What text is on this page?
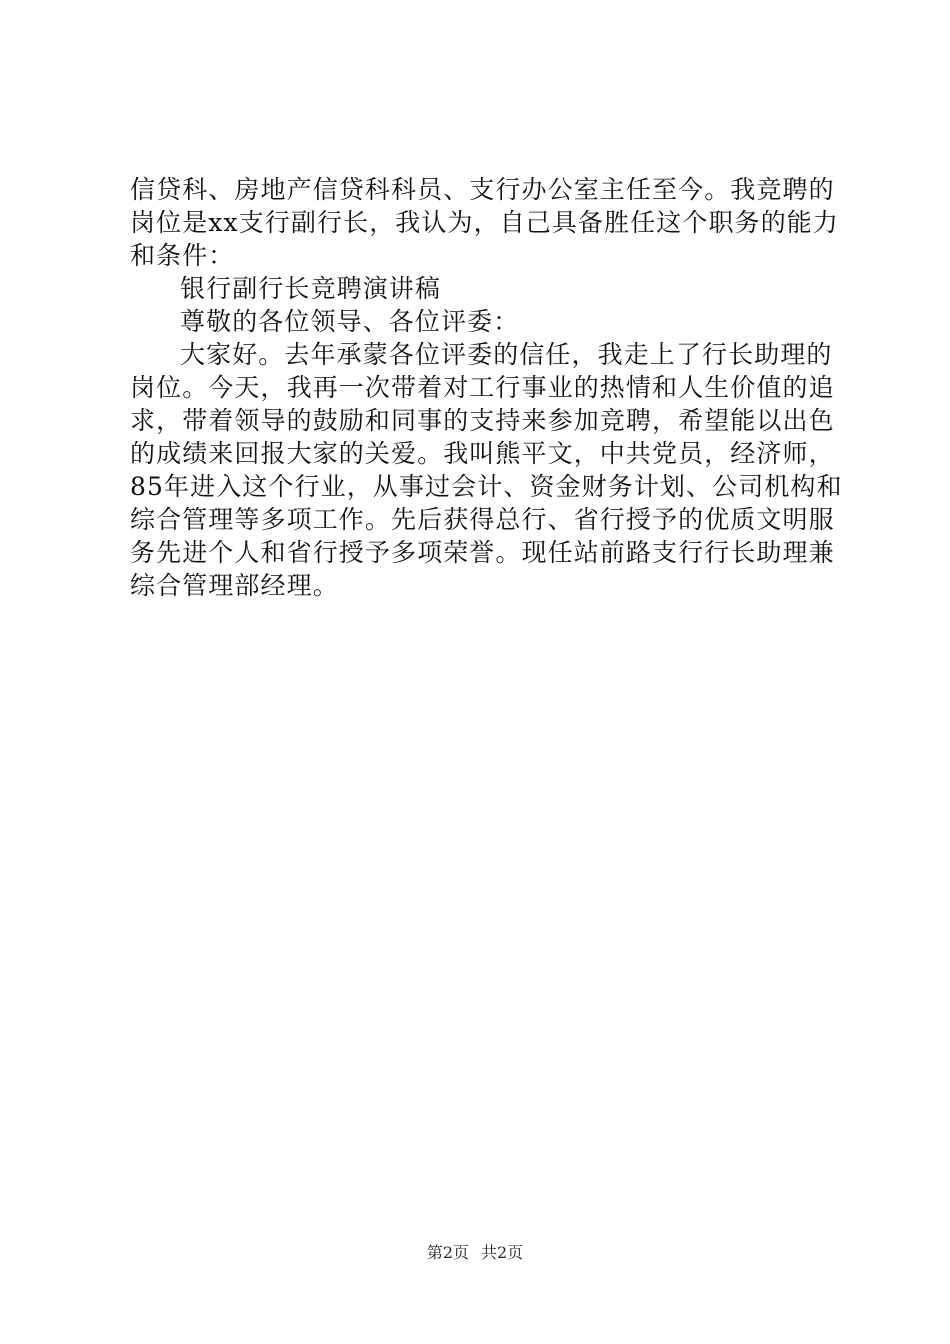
信贷科、房地产信贷科科员、支行办公室主任至今。我竞聘的
岗位是xx支行副行长，我认为，自己具备胜任这个职务的能力
和条件：
银行副行长竞聘演讲稿
尊敬的各位领导、各位评委：
大家好。去年承蒙各位评委的信任，我走上了行长助理的
岗位。今天，我再一次带着对工行事业的热情和人生价值的追
求，带着领导的鼓励和同事的支持来参加竞聘，希望能以出色
的成绩来回报大家的关爱。我叫熊平文，中共党员，经济师，
85年进入这个行业，从事过会计、资金财务计划、公司机构和
综合管理等多项工作。先后获得总行、省行授予的优质文明服
务先进个人和省行授予多项荣誉。现任站前路支行行长助理兼
综合管理部经理。
第2页 共2页
